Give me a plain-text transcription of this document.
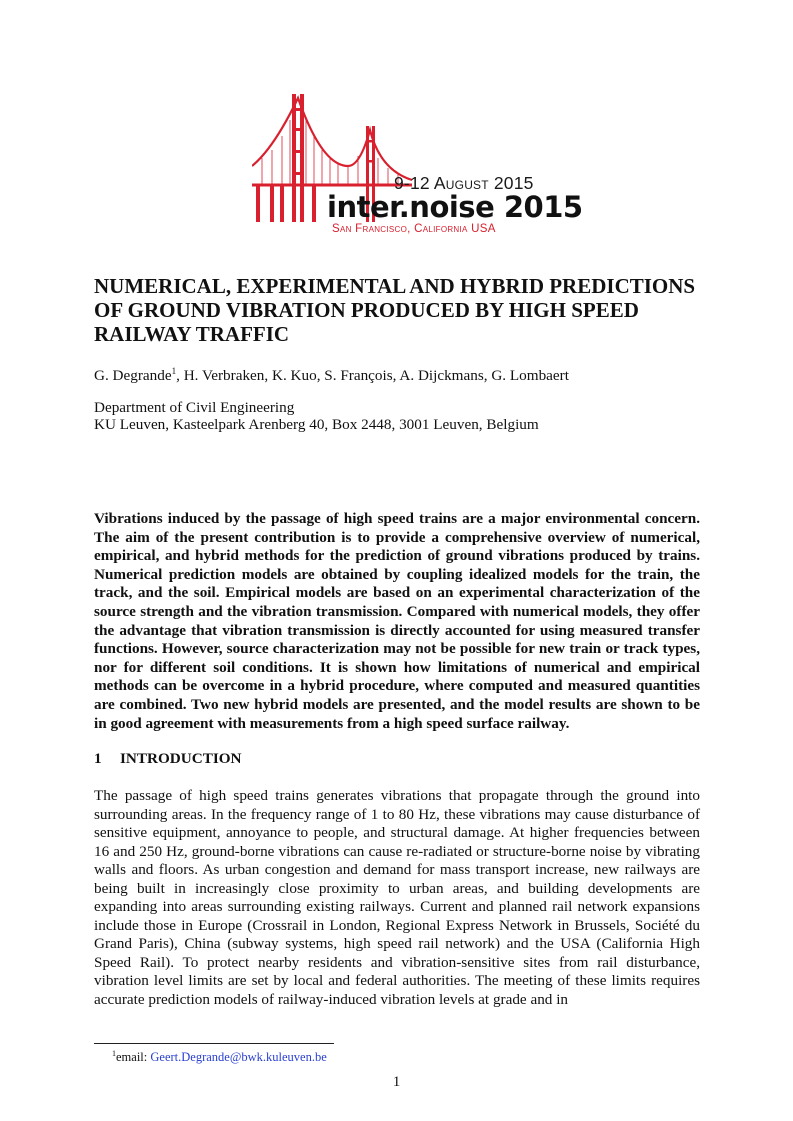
9-12 August 2015
inter.noise 2015
San Francisco, California USA
NUMERICAL, EXPERIMENTAL AND HYBRID PREDICTIONS OF GROUND VIBRATION PRODUCED BY HIGH SPEED RAILWAY TRAFFIC
G. Degrande$^1$, H. Verbraken, K. Kuo, S. François, A. Dijckmans, G. Lombaert
Department of Civil Engineering
KU Leuven, Kasteelpark Arenberg 40, Box 2448, 3001 Leuven, Belgium

Vibrations induced by the passage of high speed trains are a major environmental concern. The aim of the present contribution is to provide a comprehensive overview of numerical, empirical, and hybrid methods for the prediction of ground vibrations produced by trains. Numerical prediction models are obtained by coupling idealized models for the train, the track, and the soil. Empirical models are based on an experimental characterization of the source strength and the vibration transmission. Compared with numerical models, they offer the advantage that vibration transmission is directly accounted for using measured transfer functions. However, source characterization may not be possible for new train or track types, nor for different soil conditions. It is shown how limitations of numerical and empirical methods can be overcome in a hybrid procedure, where computed and measured quantities are combined. Two new hybrid models are presented, and the model results are shown to be in good agreement with measurements from a high speed surface railway.

1 INTRODUCTION

The passage of high speed trains generates vibrations that propagate through the ground into surrounding areas. In the frequency range of 1 to 80 Hz, these vibrations may cause disturbance of sensitive equipment, annoyance to people, and structural damage. At higher frequencies between 16 and 250 Hz, ground-borne vibrations can cause re-radiated or structure-borne noise by vibrating walls and floors. As urban congestion and demand for mass transport increase, new railways are being built in increasingly close proximity to urban areas, and building developments are expanding into areas surrounding existing railways. Current and planned rail network expansions include those in Europe (Crossrail in London, Regional Express Network in Brussels, Société du Grand Paris), China (subway systems, high speed rail network) and the USA (California High Speed Rail). To protect nearby residents and vibration-sensitive sites from rail disturbance, vibration level limits are set by local and federal authorities. The meeting of these limits requires accurate prediction models of railway-induced vibration levels at grade and in

$^1$email: Geert.Degrande@bwk.kuleuven.be
1
